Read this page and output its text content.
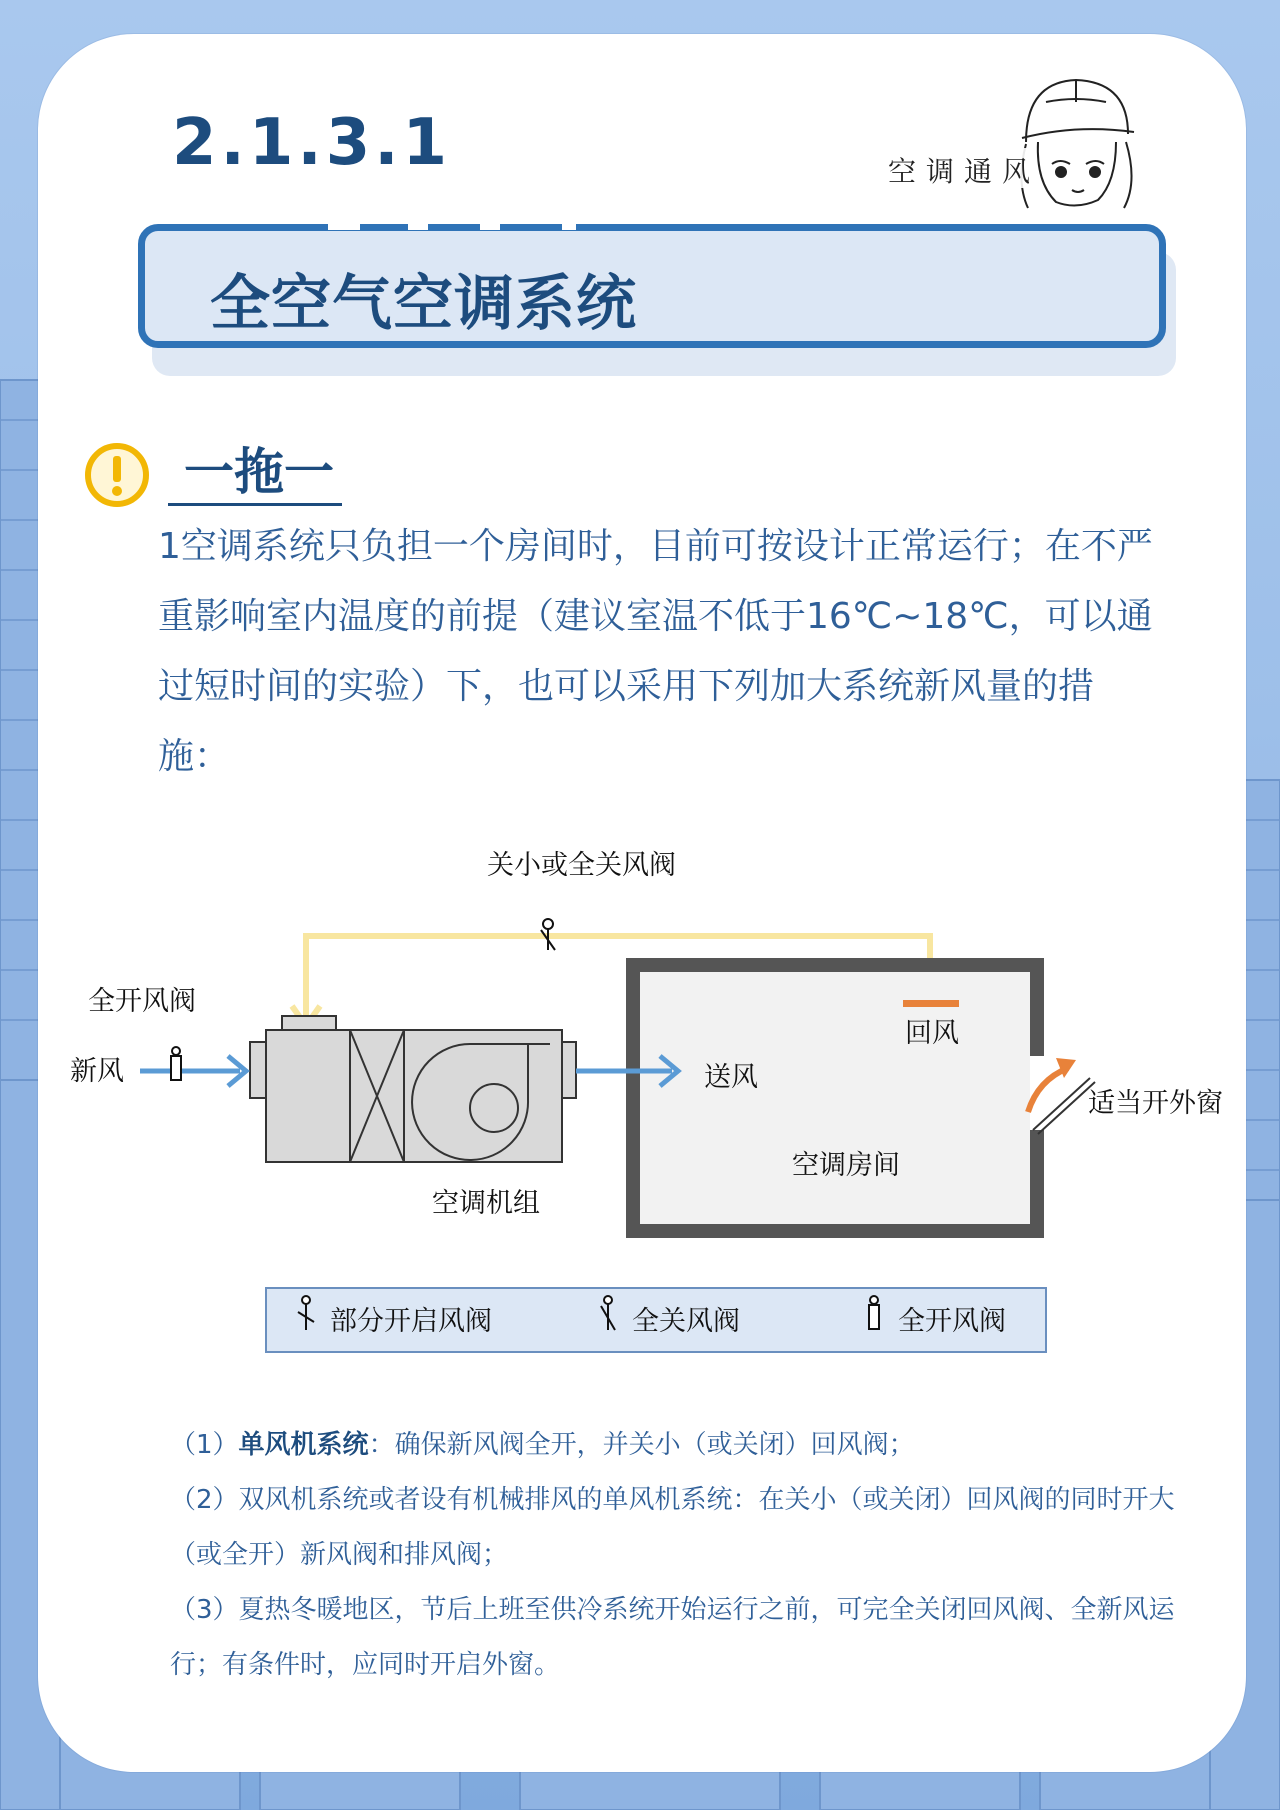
2.1.3.1	空调通风
全空气空调系统
一拖一
1空调系统只负担一个房间时，目前可按设计正常运行；在不严重影响室内温度的前提（建议室温不低于16℃~18℃，可以通过短时间的实验）下，也可以采用下列加大系统新风量的措施：
关小或全关风阀
回风
送风
空调房间
适当开外窗
空调机组
全开风阀
新风
部分开启风阀	全关风阀	全开风阀

（1）单风机系统：确保新风阀全开，并关小（或关闭）回风阀；

（2）双风机系统或者设有机械排风的单风机系统：在关小（或关闭）回风阀的同时开大（或全开）新风阀和排风阀；

（3）夏热冬暖地区，节后上班至供冷系统开始运行之前，可完全关闭回风阀、全新风运行；有条件时，应同时开启外窗。
